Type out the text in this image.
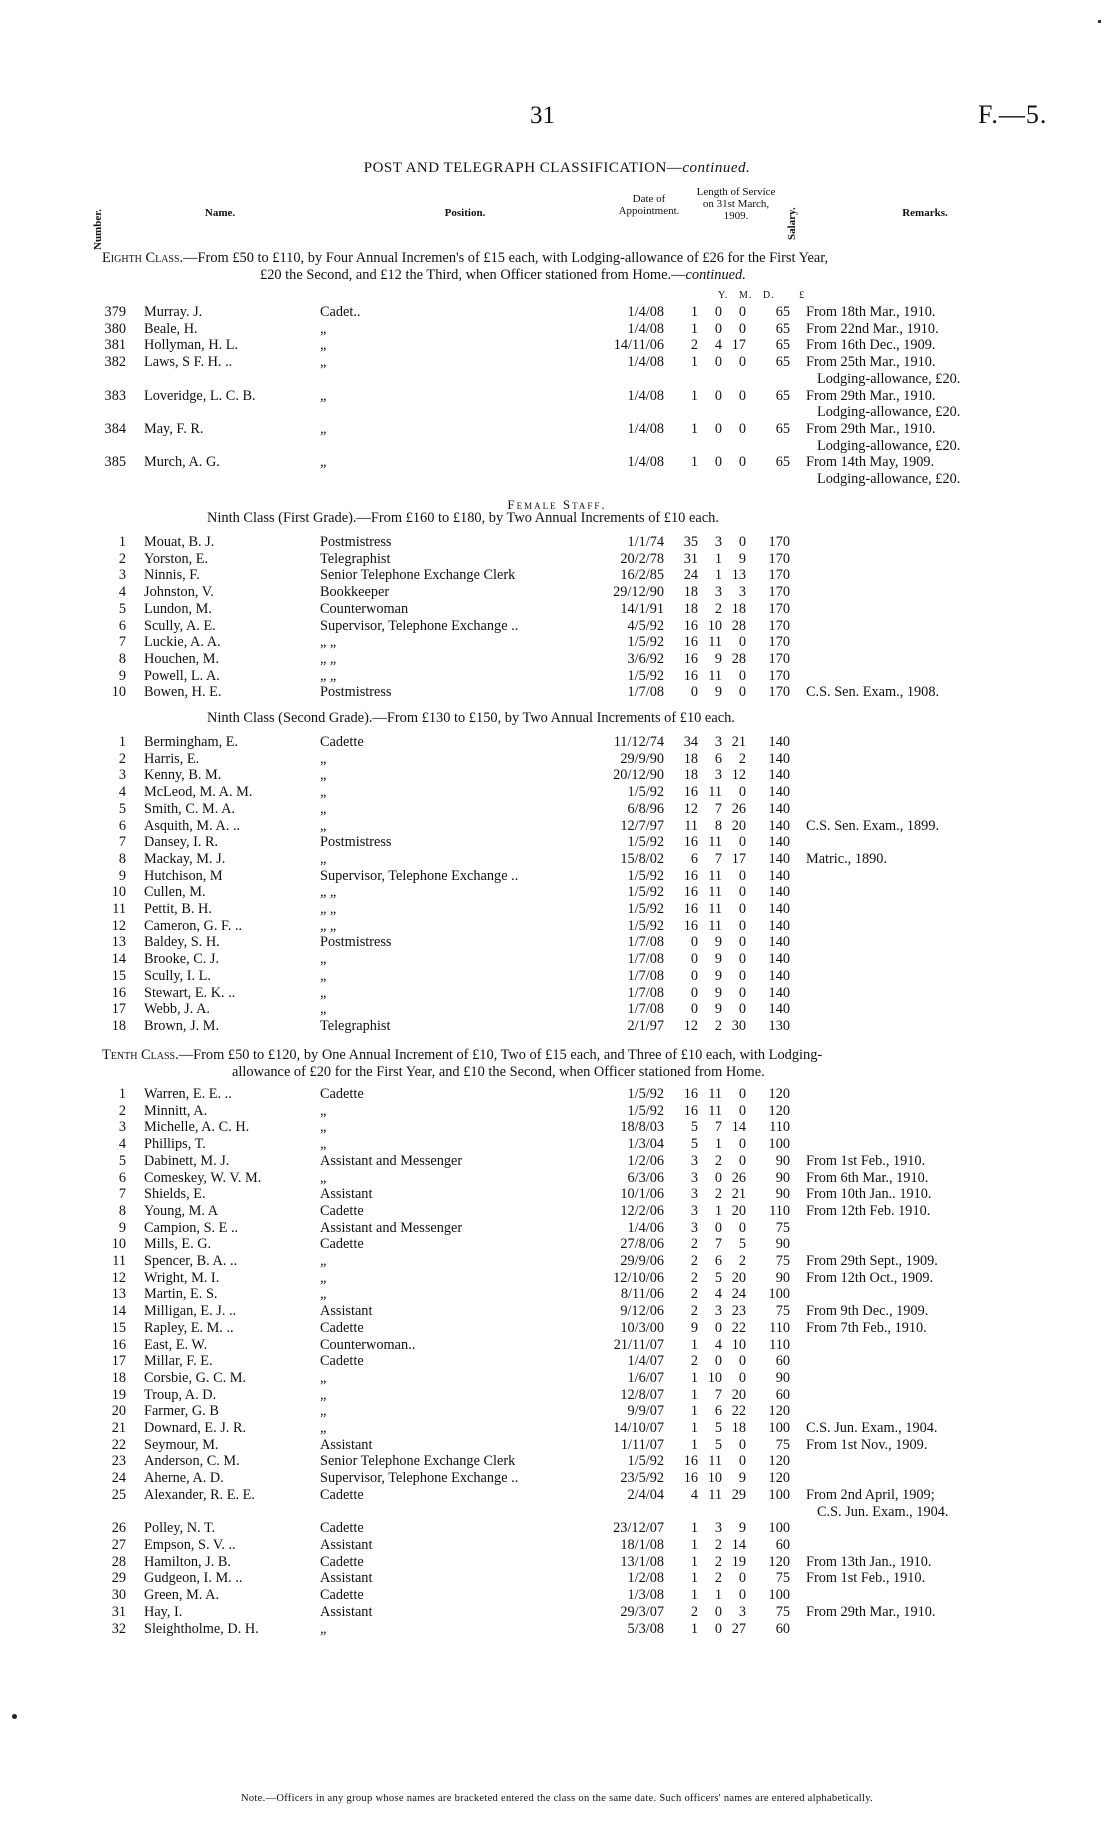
31	F.—5.
POST AND TELEGRAPH CLASSIFICATION—continued.
Number.	Name.	Position.
Date of Appointment.
Length of Service on 31st March, 1909.	Salary.	Remarks.
Eighth Class.—From £50 to £110, by Four Annual Incremen's of £15 each, with Lodging-allowance of £26 for the First Year,
£20 the Second, and £12 the Third, when Officer stationed from Home.—continued.
Y. M. D. £
379	Murray. J.	Cadet..	1/4/08	1	0	0	65	From 18th Mar., 1910.
380	Beale, H.	„	1/4/08	1	0	0	65	From 22nd Mar., 1910.
381	Hollyman, H. L.	„	14/11/06	2	4	17	65	From 16th Dec., 1909.
382	Laws, S F. H. ..	„	1/4/08	1	0	0	65	From 25th Mar., 1910.
								Lodging-allowance, £20.
383	Loveridge, L. C. B.	„	1/4/08	1	0	0	65	From 29th Mar., 1910.
								Lodging-allowance, £20.
384	May, F. R.	„	1/4/08	1	0	0	65	From 29th Mar., 1910.
								Lodging-allowance, £20.
385	Murch, A. G.	„	1/4/08	1	0	0	65	From 14th May, 1909.
								Lodging-allowance, £20.
Female Staff.
Ninth Class (First Grade).—From £160 to £180, by Two Annual Increments of £10 each.
1	Mouat, B. J.	Postmistress	1/1/74	35	3	0	170	
2	Yorston, E.	Telegraphist	20/2/78	31	1	9	170	
3	Ninnis, F.	Senior Telephone Exchange Clerk	16/2/85	24	1	13	170	
4	Johnston, V.	Bookkeeper	29/12/90	18	3	3	170	
5	Lundon, M.	Counterwoman	14/1/91	18	2	18	170	
6	Scully, A. E.	Supervisor, Telephone Exchange ..	4/5/92	16	10	28	170	
7	Luckie, A. A.	„ „	1/5/92	16	11	0	170	
8	Houchen, M.	„ „	3/6/92	16	9	28	170	
9	Powell, L. A.	„ „	1/5/92	16	11	0	170	
10	Bowen, H. E.	Postmistress	1/7/08	0	9	0	170	C.S. Sen. Exam., 1908.
Ninth Class (Second Grade).—From £130 to £150, by Two Annual Increments of £10 each.
1	Bermingham, E.	Cadette	11/12/74	34	3	21	140	
2	Harris, E.	„	29/9/90	18	6	2	140	
3	Kenny, B. M.	„	20/12/90	18	3	12	140	
4	McLeod, M. A. M.	„	1/5/92	16	11	0	140	
5	Smith, C. M. A.	„	6/8/96	12	7	26	140	
6	Asquith, M. A. ..	„	12/7/97	11	8	20	140	C.S. Sen. Exam., 1899.
7	Dansey, I. R.	Postmistress	1/5/92	16	11	0	140	
8	Mackay, M. J.	„	15/8/02	6	7	17	140	Matric., 1890.
9	Hutchison, M	Supervisor, Telephone Exchange ..	1/5/92	16	11	0	140	
10	Cullen, M.	„ „	1/5/92	16	11	0	140	
11	Pettit, B. H.	„ „	1/5/92	16	11	0	140	
12	Cameron, G. F. ..	„ „	1/5/92	16	11	0	140	
13	Baldey, S. H.	Postmistress	1/7/08	0	9	0	140	
14	Brooke, C. J.	„	1/7/08	0	9	0	140	
15	Scully, I. L.	„	1/7/08	0	9	0	140	
16	Stewart, E. K. ..	„	1/7/08	0	9	0	140	
17	Webb, J. A.	„	1/7/08	0	9	0	140	
18	Brown, J. M.	Telegraphist	2/1/97	12	2	30	130	
Tenth Class.—From £50 to £120, by One Annual Increment of £10, Two of £15 each, and Three of £10 each, with Lodging-
allowance of £20 for the First Year, and £10 the Second, when Officer stationed from Home.
1	Warren, E. E. ..	Cadette	1/5/92	16	11	0	120	
2	Minnitt, A.	„	1/5/92	16	11	0	120	
3	Michelle, A. C. H.	„	18/8/03	5	7	14	110	
4	Phillips, T.	„	1/3/04	5	1	0	100	
5	Dabinett, M. J.	Assistant and Messenger	1/2/06	3	2	0	90	From 1st Feb., 1910.
6	Comeskey, W. V. M.	„	6/3/06	3	0	26	90	From 6th Mar., 1910.
7	Shields, E.	Assistant	10/1/06	3	2	21	90	From 10th Jan.. 1910.
8	Young, M. A	Cadette	12/2/06	3	1	20	110	From 12th Feb. 1910.
9	Campion, S. E ..	Assistant and Messenger	1/4/06	3	0	0	75	
10	Mills, E. G.	Cadette	27/8/06	2	7	5	90	
11	Spencer, B. A. ..	„	29/9/06	2	6	2	75	From 29th Sept., 1909.
12	Wright, M. I.	„	12/10/06	2	5	20	90	From 12th Oct., 1909.
13	Martin, E. S.	„	8/11/06	2	4	24	100	
14	Milligan, E. J. ..	Assistant	9/12/06	2	3	23	75	From 9th Dec., 1909.
15	Rapley, E. M. ..	Cadette	10/3/00	9	0	22	110	From 7th Feb., 1910.
16	East, E. W.	Counterwoman..	21/11/07	1	4	10	110	
17	Millar, F. E.	Cadette	1/4/07	2	0	0	60	
18	Corsbie, G. C. M.	„	1/6/07	1	10	0	90	
19	Troup, A. D.	„	12/8/07	1	7	20	60	
20	Farmer, G. B	„	9/9/07	1	6	22	120	
21	Downard, E. J. R.	„	14/10/07	1	5	18	100	C.S. Jun. Exam., 1904.
22	Seymour, M.	Assistant	1/11/07	1	5	0	75	From 1st Nov., 1909.
23	Anderson, C. M.	Senior Telephone Exchange Clerk	1/5/92	16	11	0	120	
24	Aherne, A. D.	Supervisor, Telephone Exchange ..	23/5/92	16	10	9	120	
25	Alexander, R. E. E.	Cadette	2/4/04	4	11	29	100	From 2nd April, 1909;
								C.S. Jun. Exam., 1904.
26	Polley, N. T.	Cadette	23/12/07	1	3	9	100	
27	Empson, S. V. ..	Assistant	18/1/08	1	2	14	60	
28	Hamilton, J. B.	Cadette	13/1/08	1	2	19	120	From 13th Jan., 1910.
29	Gudgeon, I. M. ..	Assistant	1/2/08	1	2	0	75	From 1st Feb., 1910.
30	Green, M. A.	Cadette	1/3/08	1	1	0	100	
31	Hay, I.	Assistant	29/3/07	2	0	3	75	From 29th Mar., 1910.
32	Sleightholme, D. H.	„	5/3/08	1	0	27	60	
Note.—Officers in any group whose names are bracketed entered the class on the same date. Such officers' names are entered alphabetically.
